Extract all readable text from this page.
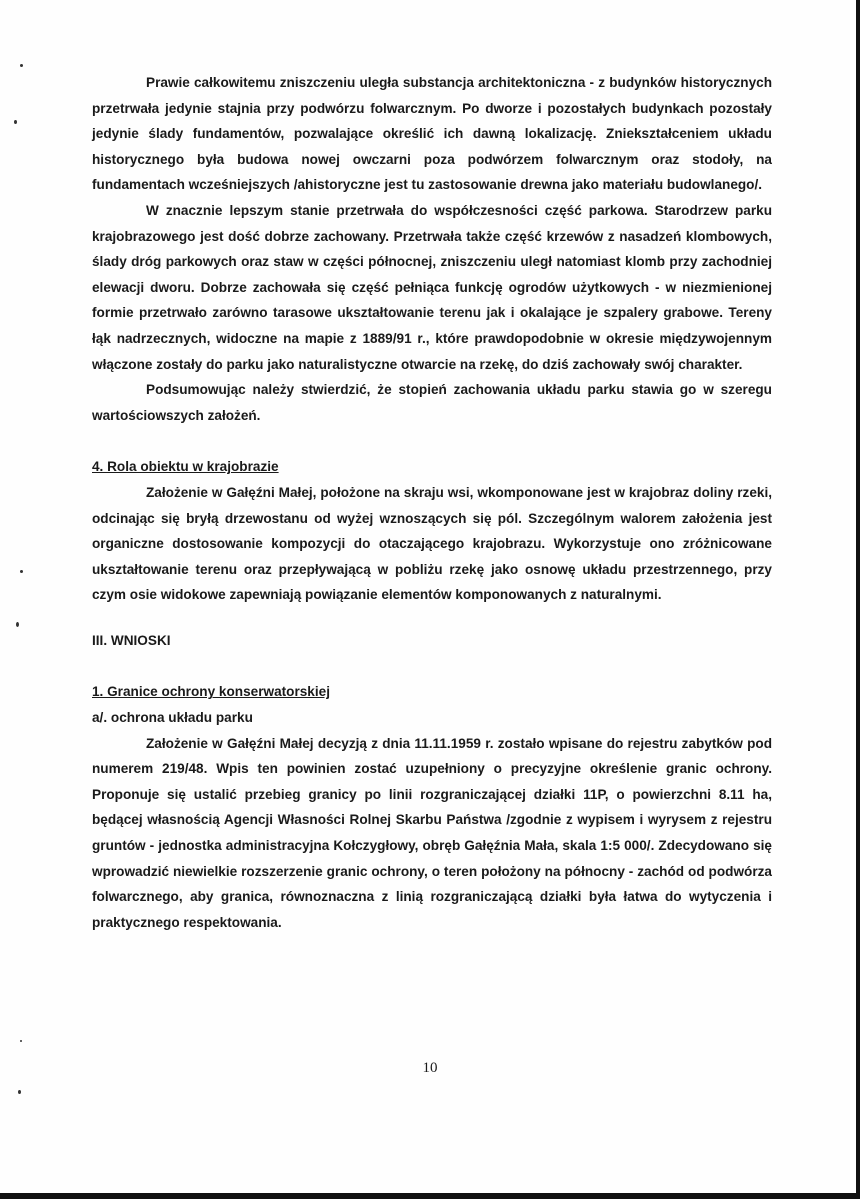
Prawie całkowitemu zniszczeniu uległa substancja architektoniczna - z budynków historycznych przetrwała jedynie stajnia przy podwórzu folwarcznym. Po dworze i pozostałych budynkach pozostały jedynie ślady fundamentów, pozwalające określić ich dawną lokalizację. Zniekształceniem układu historycznego była budowa nowej owczarni poza podwórzem folwarcznym oraz stodoły, na fundamentach wcześniejszych /ahistoryczne jest tu zastosowanie drewna jako materiału budowlanego/.

W znacznie lepszym stanie przetrwała do współczesności część parkowa. Starodrzew parku krajobrazowego jest dość dobrze zachowany. Przetrwała także część krzewów z nasadzeń klombowych, ślady dróg parkowych oraz staw w części północnej, zniszczeniu uległ natomiast klomb przy zachodniej elewacji dworu. Dobrze zachowała się część pełniąca funkcję ogrodów użytkowych - w niezmienionej formie przetrwało zarówno tarasowe ukształtowanie terenu jak i okalające je szpalery grabowe. Tereny łąk nadrzecznych, widoczne na mapie z 1889/91 r., które prawdopodobnie w okresie międzywojennym włączone zostały do parku jako naturalistyczne otwarcie na rzekę, do dziś zachowały swój charakter.

Podsumowując należy stwierdzić, że stopień zachowania układu parku stawia go w szeregu wartościowszych założeń.

4. Rola obiektu w krajobrazie

Założenie w Gałęźni Małej, położone na skraju wsi, wkomponowane jest w krajobraz doliny rzeki, odcinając się bryłą drzewostanu od wyżej wznoszących się pól. Szczególnym walorem założenia jest organiczne dostosowanie kompozycji do otaczającego krajobrazu. Wykorzystuje ono zróżnicowane ukształtowanie terenu oraz przepływającą w pobliżu rzekę jako osnowę układu przestrzennego, przy czym osie widokowe zapewniają powiązanie elementów komponowanych z naturalnymi.

III. WNIOSKI

1. Granice ochrony konserwatorskiej

a/. ochrona układu parku

Założenie w Gałęźni Małej decyzją z dnia 11.11.1959 r. zostało wpisane do rejestru zabytków pod numerem 219/48. Wpis ten powinien zostać uzupełniony o precyzyjne określenie granic ochrony. Proponuje się ustalić przebieg granicy po linii rozgraniczającej działki 11P, o powierzchni 8.11 ha, będącej własnością Agencji Własności Rolnej Skarbu Państwa /zgodnie z wypisem i wyrysem z rejestru gruntów - jednostka administracyjna Kołczygłowy, obręb Gałęźnia Mała, skala 1:5 000/. Zdecydowano się wprowadzić niewielkie rozszerzenie granic ochrony, o teren położony na północny - zachód od podwórza folwarcznego, aby granica, równoznaczna z linią rozgraniczającą działki była łatwa do wytyczenia i praktycznego respektowania.

10
